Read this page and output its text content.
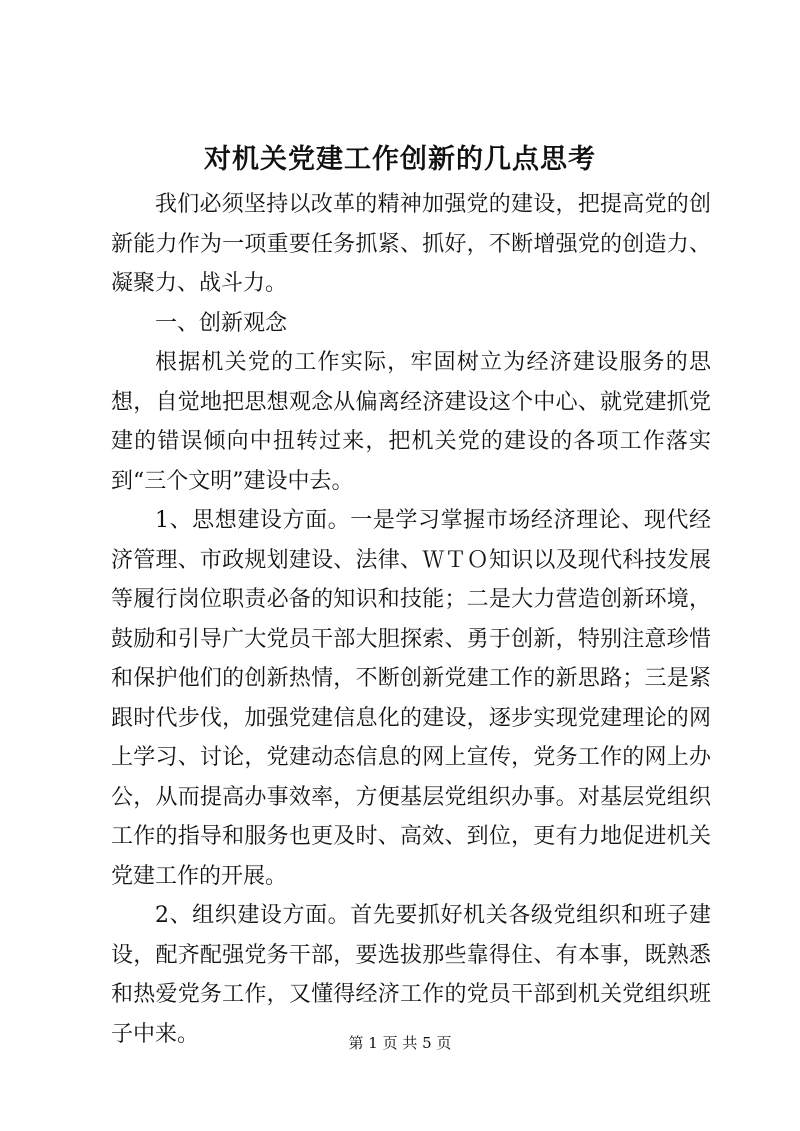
对机关党建工作创新的几点思考

我们必须坚持以改革的精神加强党的建设，把提高党的创新能力作为一项重要任务抓紧、抓好，不断增强党的创造力、凝聚力、战斗力。

一、创新观念

根据机关党的工作实际，牢固树立为经济建设服务的思想，自觉地把思想观念从偏离经济建设这个中心、就党建抓党建的错误倾向中扭转过来，把机关党的建设的各项工作落实到“三个文明”建设中去。

1、思想建设方面。一是学习掌握市场经济理论、现代经济管理、市政规划建设、法律、ＷＴＯ知识以及现代科技发展等履行岗位职责必备的知识和技能；二是大力营造创新环境，鼓励和引导广大党员干部大胆探索、勇于创新，特别注意珍惜和保护他们的创新热情，不断创新党建工作的新思路；三是紧跟时代步伐，加强党建信息化的建设，逐步实现党建理论的网上学习、讨论，党建动态信息的网上宣传，党务工作的网上办公，从而提高办事效率，方便基层党组织办事。对基层党组织工作的指导和服务也更及时、高效、到位，更有力地促进机关党建工作的开展。

2、组织建设方面。首先要抓好机关各级党组织和班子建设，配齐配强党务干部，要选拔那些靠得住、有本事，既熟悉和热爱党务工作，又懂得经济工作的党员干部到机关党组织班子中来。	第 1 页 共 5 页
